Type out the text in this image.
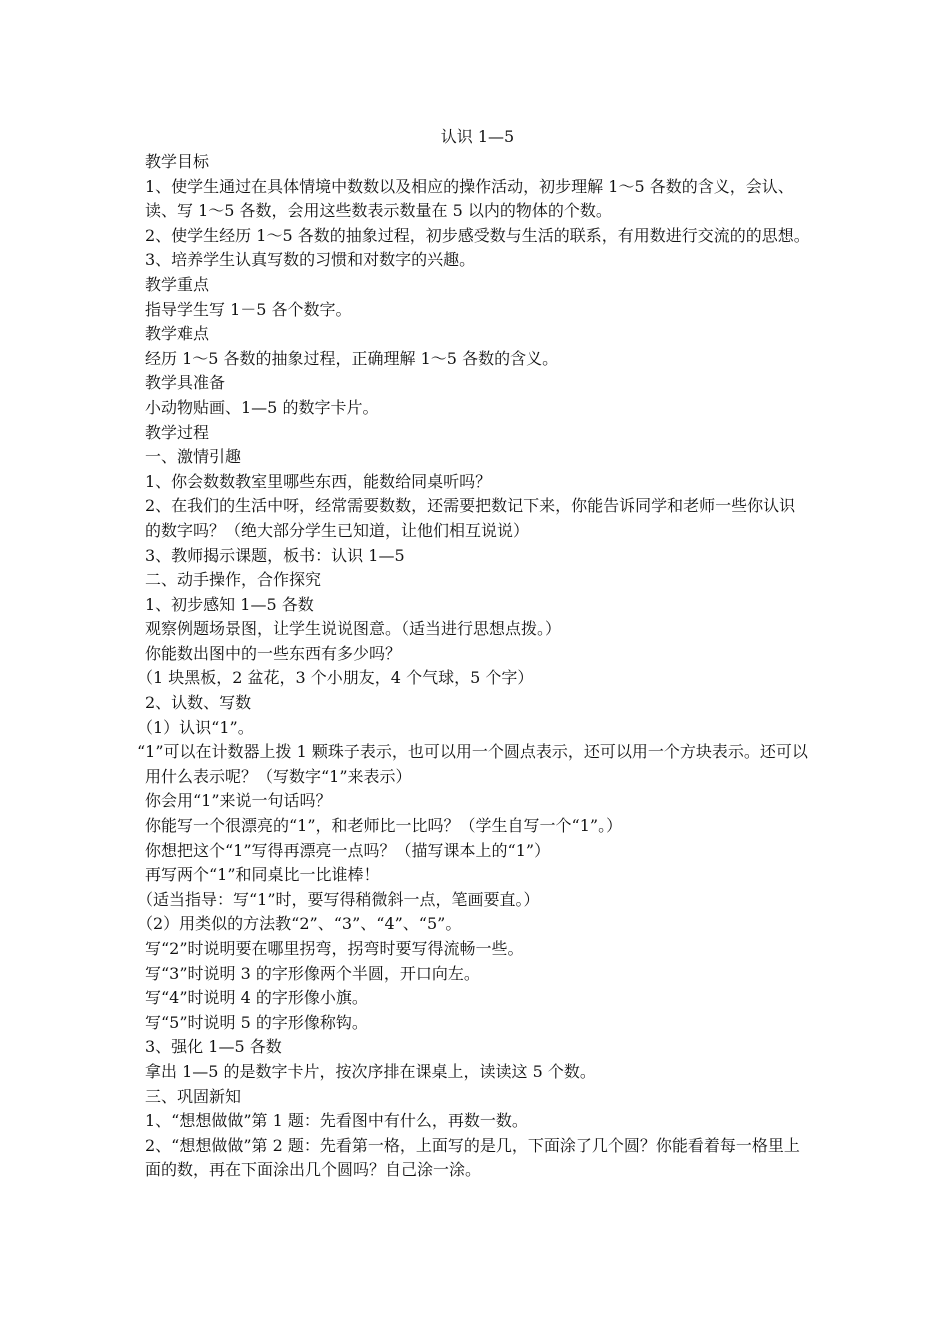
认识 1—5

教学目标

1、使学生通过在具体情境中数数以及相应的操作活动，初步理解 1～5 各数的含义，会认、读、写 1～5 各数，会用这些数表示数量在 5 以内的物体的个数。

2、使学生经历 1～5 各数的抽象过程，初步感受数与生活的联系，有用数进行交流的的思想。

3、培养学生认真写数的习惯和对数字的兴趣。

教学重点

指导学生写 1－5 各个数字。

教学难点

经历 1～5 各数的抽象过程，正确理解 1～5 各数的含义。

教学具准备

小动物贴画、1—5 的数字卡片。

教学过程

一、激情引趣

1、你会数数教室里哪些东西，能数给同桌听吗？

2、在我们的生活中呀，经常需要数数，还需要把数记下来，你能告诉同学和老师一些你认识的数字吗？（绝大部分学生已知道，让他们相互说说）

3、教师揭示课题，板书：认识 1—5

二、动手操作，合作探究

1、初步感知 1—5 各数

观察例题场景图，让学生说说图意。（适当进行思想点拨。）

你能数出图中的一些东西有多少吗？

（1 块黑板，2 盆花，3 个小朋友，4 个气球，5 个字）

2、认数、写数

（1）认识“1”。

“1”可以在计数器上拨 1 颗珠子表示，也可以用一个圆点表示，还可以用一个方块表示。还可以用什么表示呢？（写数字“1”来表示）

你会用“1”来说一句话吗？

你能写一个很漂亮的“1”，和老师比一比吗？（学生自写一个“1”。）

你想把这个“1”写得再漂亮一点吗？（描写课本上的“1”）

再写两个“1”和同桌比一比谁棒！

（适当指导：写“1”时，要写得稍微斜一点，笔画要直。）

（2）用类似的方法教“2”、“3”、“4”、“5”。

写“2”时说明要在哪里拐弯，拐弯时要写得流畅一些。

写“3”时说明 3 的字形像两个半圆，开口向左。

写“4”时说明 4 的字形像小旗。

写“5”时说明 5 的字形像称钩。

3、强化 1—5 各数

拿出 1—5 的是数字卡片，按次序排在课桌上，读读这 5 个数。

三、巩固新知

1、“想想做做”第 1 题：先看图中有什么，再数一数。

2、“想想做做”第 2 题：先看第一格，上面写的是几，下面涂了几个圆？你能看着每一格里上面的数，再在下面涂出几个圆吗？自己涂一涂。
